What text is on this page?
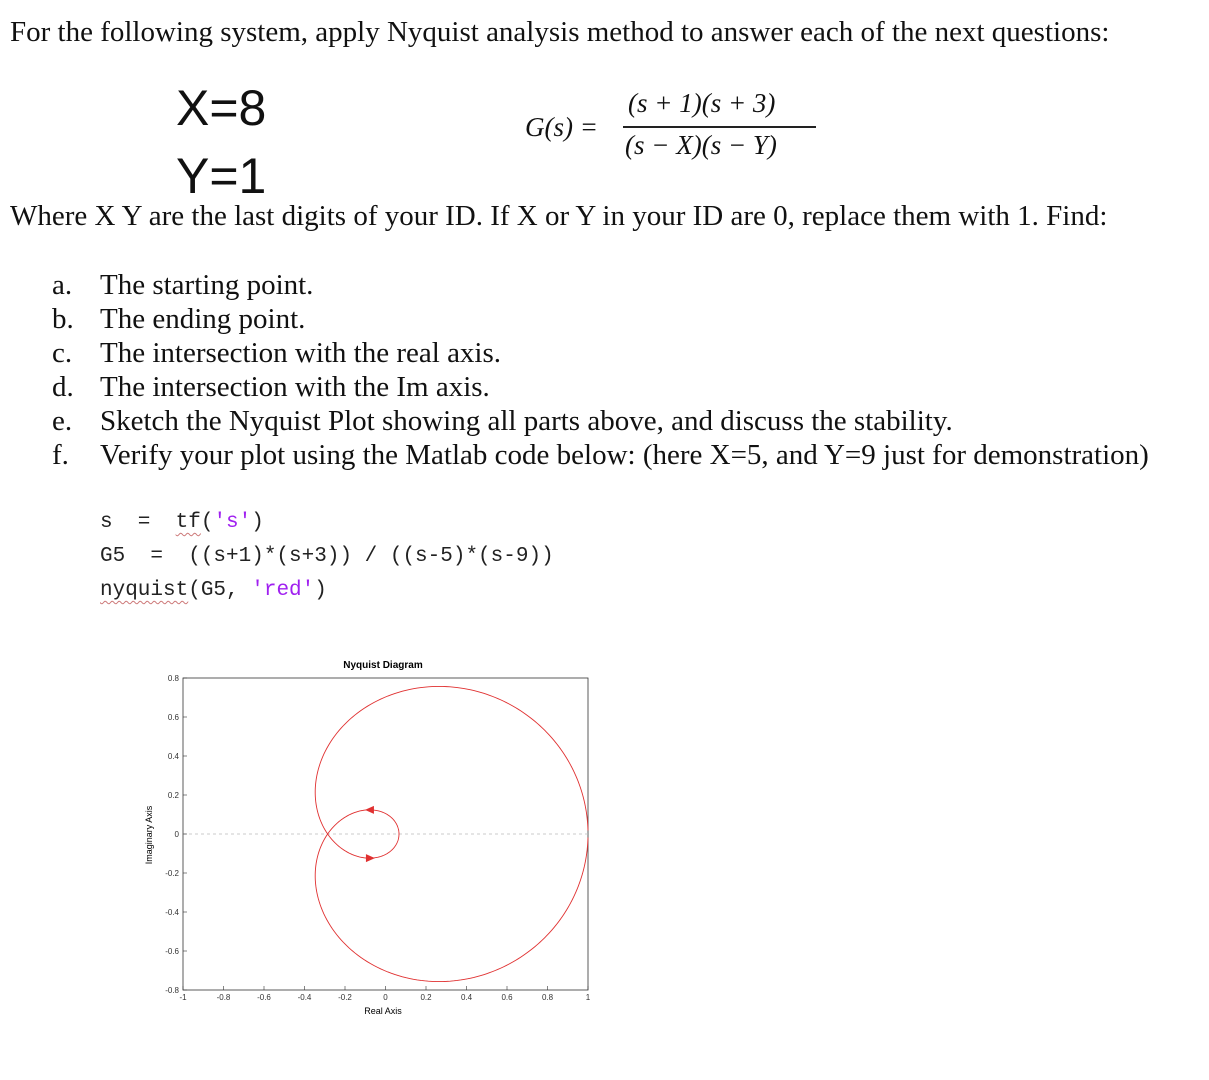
For the following system, apply Nyquist analysis method to answer each of the next questions:
X=8
Y=1
G(s) =
(s + 1)(s + 3)
(s − X)(s − Y)
Where X Y are the last digits of your ID. If X or Y in your ID are 0, replace them with 1. Find:
a. The starting point.
b. The ending point.
c. The intersection with the real axis.
d. The intersection with the Im axis.
e. Sketch the Nyquist Plot showing all parts above, and discuss the stability.
f. Verify your plot using the Matlab code below: (here X=5, and Y=9 just for demonstration)
s  =  tf('s')
G5  =  ((s+1)*(s+3)) / ((s-5)*(s-9))
nyquist(G5, 'red')
Nyquist Diagram
Real Axis
Imaginary Axis
-1	-0.8	-0.6	-0.4	-0.2	0	0.2	0.4	0.6	0.8	1
-0.8
-0.6
-0.4
-0.2
0
0.2
0.4
0.6
0.8
